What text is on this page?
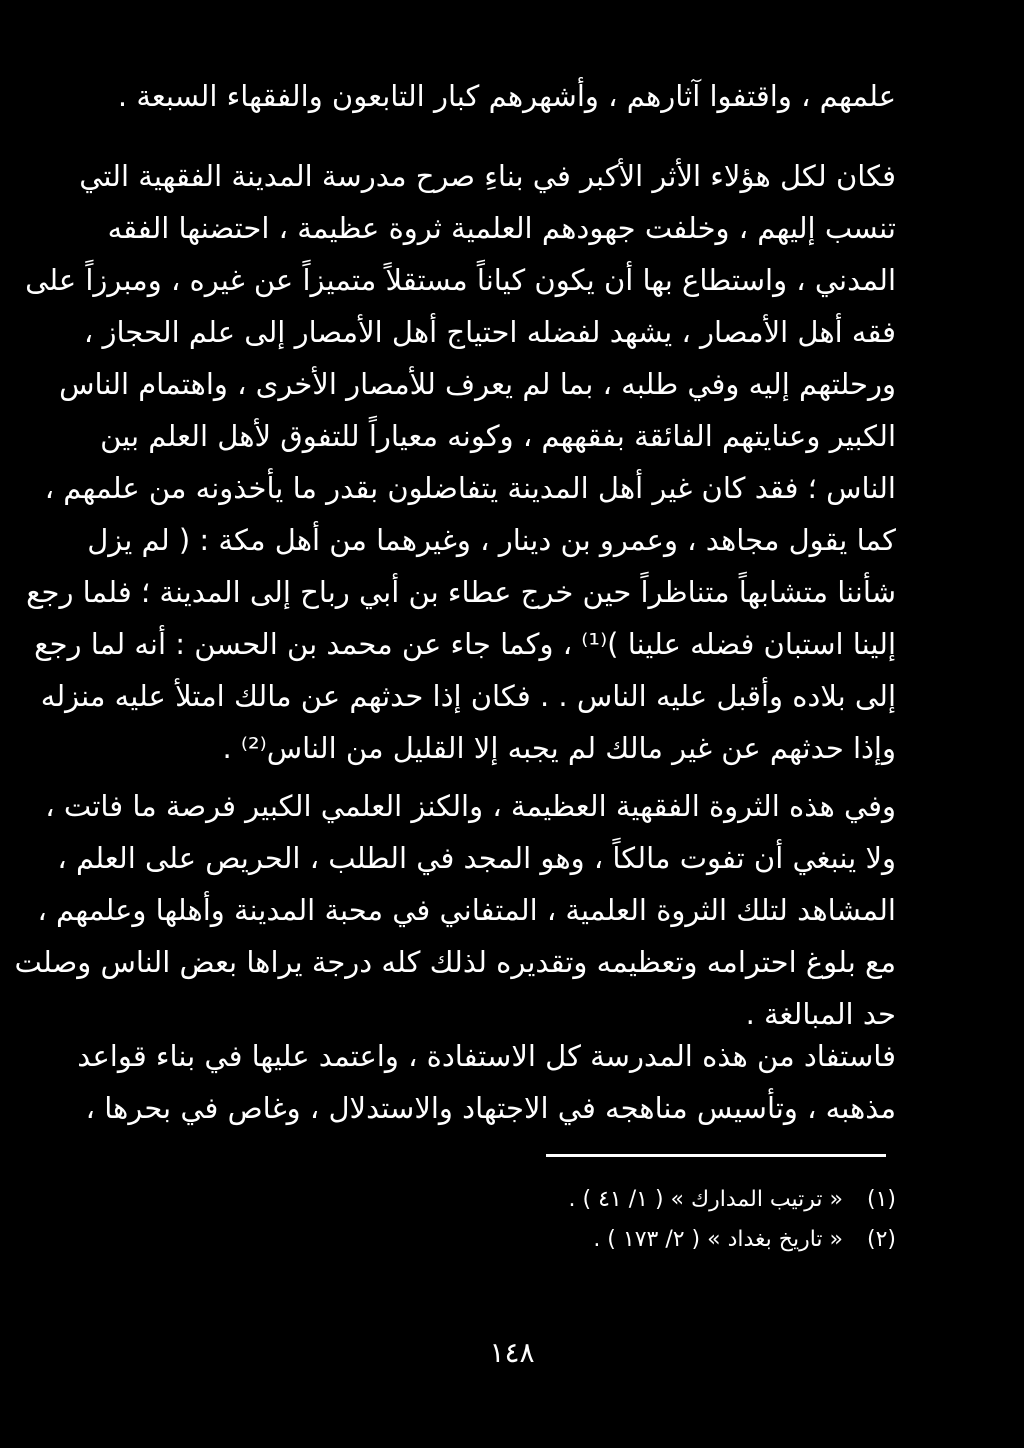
علمهم ، واقتفوا آثارهم ، وأشهرهم كبار التابعون والفقهاء السبعة .
فكان لكل هؤلاء الأثر الأكبر في بناءِ صرح مدرسة المدينة الفقهية التي
تنسب إليهم ، وخلفت جهودهم العلمية ثروة عظيمة ، احتضنها الفقه
المدني ، واستطاع بها أن يكون كياناً مستقلاً متميزاً عن غيره ، ومبرزاً على
فقه أهل الأمصار ، يشهد لفضله احتياج أهل الأمصار إلى علم الحجاز ،
ورحلتهم إليه وفي طلبه ، بما لم يعرف للأمصار الأخرى ، واهتمام الناس
الكبير وعنايتهم الفائقة بفقههم ، وكونه معياراً للتفوق لأهل العلم بين
الناس ؛ فقد كان غير أهل المدينة يتفاضلون بقدر ما يأخذونه من علمهم ،
كما يقول مجاهد ، وعمرو بن دينار ، وغيرهما من أهل مكة : ( لم يزل
شأننا متشابهاً متناظراً حين خرج عطاء بن أبي رباح إلى المدينة ؛ فلما رجع
إلينا استبان فضله علينا )⁽¹⁾ ، وكما جاء عن محمد بن الحسن : أنه لما رجع
إلى بلاده وأقبل عليه الناس . . فكان إذا حدثهم عن مالك امتلأ عليه منزله
وإذا حدثهم عن غير مالك لم يجبه إلا القليل من الناس⁽²⁾ .
وفي هذه الثروة الفقهية العظيمة ، والكنز العلمي الكبير فرصة ما فاتت ،
ولا ينبغي أن تفوت مالكاً ، وهو المجد في الطلب ، الحريص على العلم ،
المشاهد لتلك الثروة العلمية ، المتفاني في محبة المدينة وأهلها وعلمهم ،
مع بلوغ احترامه وتعظيمه وتقديره لذلك كله درجة يراها بعض الناس وصلت
حد المبالغة .
فاستفاد من هذه المدرسة كل الاستفادة ، واعتمد عليها في بناء قواعد
مذهبه ، وتأسيس مناهجه في الاجتهاد والاستدلال ، وغاص في بحرها ،
(١) « ترتيب المدارك » ( ١/ ٤١ ) .
(٢) « تاريخ بغداد » ( ٢/ ١٧٣ ) .
١٤٨
